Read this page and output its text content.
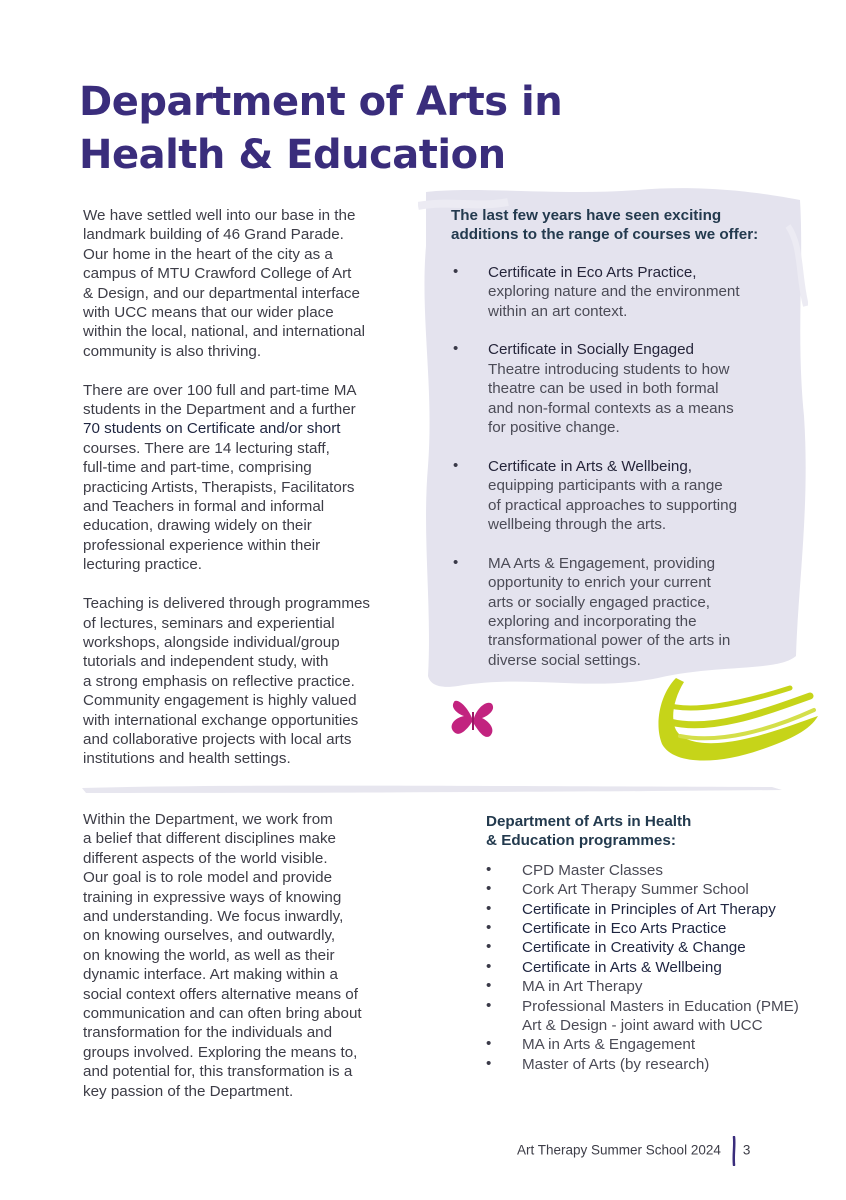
Department of Arts in
Health & Education

We have settled well into our base in the
landmark building of 46 Grand Parade.
Our home in the heart of the city as a
campus of MTU Crawford College of Art
& Design, and our departmental interface
with UCC means that our wider place
within the local, national, and international
community is also thriving.

There are over 100 full and part-time MA
students in the Department and a further
70 students on Certificate and/or short
courses. There are 14 lecturing staff,
full-time and part-time, comprising
practicing Artists, Therapists, Facilitators
and Teachers in formal and informal
education, drawing widely on their
professional experience within their
lecturing practice.

Teaching is delivered through programmes
of lectures, seminars and experiential
workshops, alongside individual/group
tutorials and independent study, with
a strong emphasis on reflective practice.
Community engagement is highly valued
with international exchange opportunities
and collaborative projects with local arts
institutions and health settings.

The last few years have seen exciting
additions to the range of courses we offer:
• Certificate in Eco Arts Practice,
exploring nature and the environment
within an art context.
• Certificate in Socially Engaged
Theatre introducing students to how
theatre can be used in both formal
and non-formal contexts as a means
for positive change.
• Certificate in Arts & Wellbeing,
equipping participants with a range
of practical approaches to supporting
wellbeing through the arts.
• MA Arts & Engagement, providing
opportunity to enrich your current
arts or socially engaged practice,
exploring and incorporating the
transformational power of the arts in
diverse social settings.

Within the Department, we work from
a belief that different disciplines make
different aspects of the world visible.
Our goal is to role model and provide
training in expressive ways of knowing
and understanding. We focus inwardly,
on knowing ourselves, and outwardly,
on knowing the world, as well as their
dynamic interface. Art making within a
social context offers alternative means of
communication and can often bring about
transformation for the individuals and
groups involved. Exploring the means to,
and potential for, this transformation is a
key passion of the Department.

Department of Arts in Health
& Education programmes:
• CPD Master Classes
• Cork Art Therapy Summer School
• Certificate in Principles of Art Therapy
• Certificate in Eco Arts Practice
• Certificate in Creativity & Change
• Certificate in Arts & Wellbeing
• MA in Art Therapy
• Professional Masters in Education (PME)
Art & Design - joint award with UCC
• MA in Arts & Engagement
• Master of Arts (by research)
Art Therapy Summer School 2024 3
